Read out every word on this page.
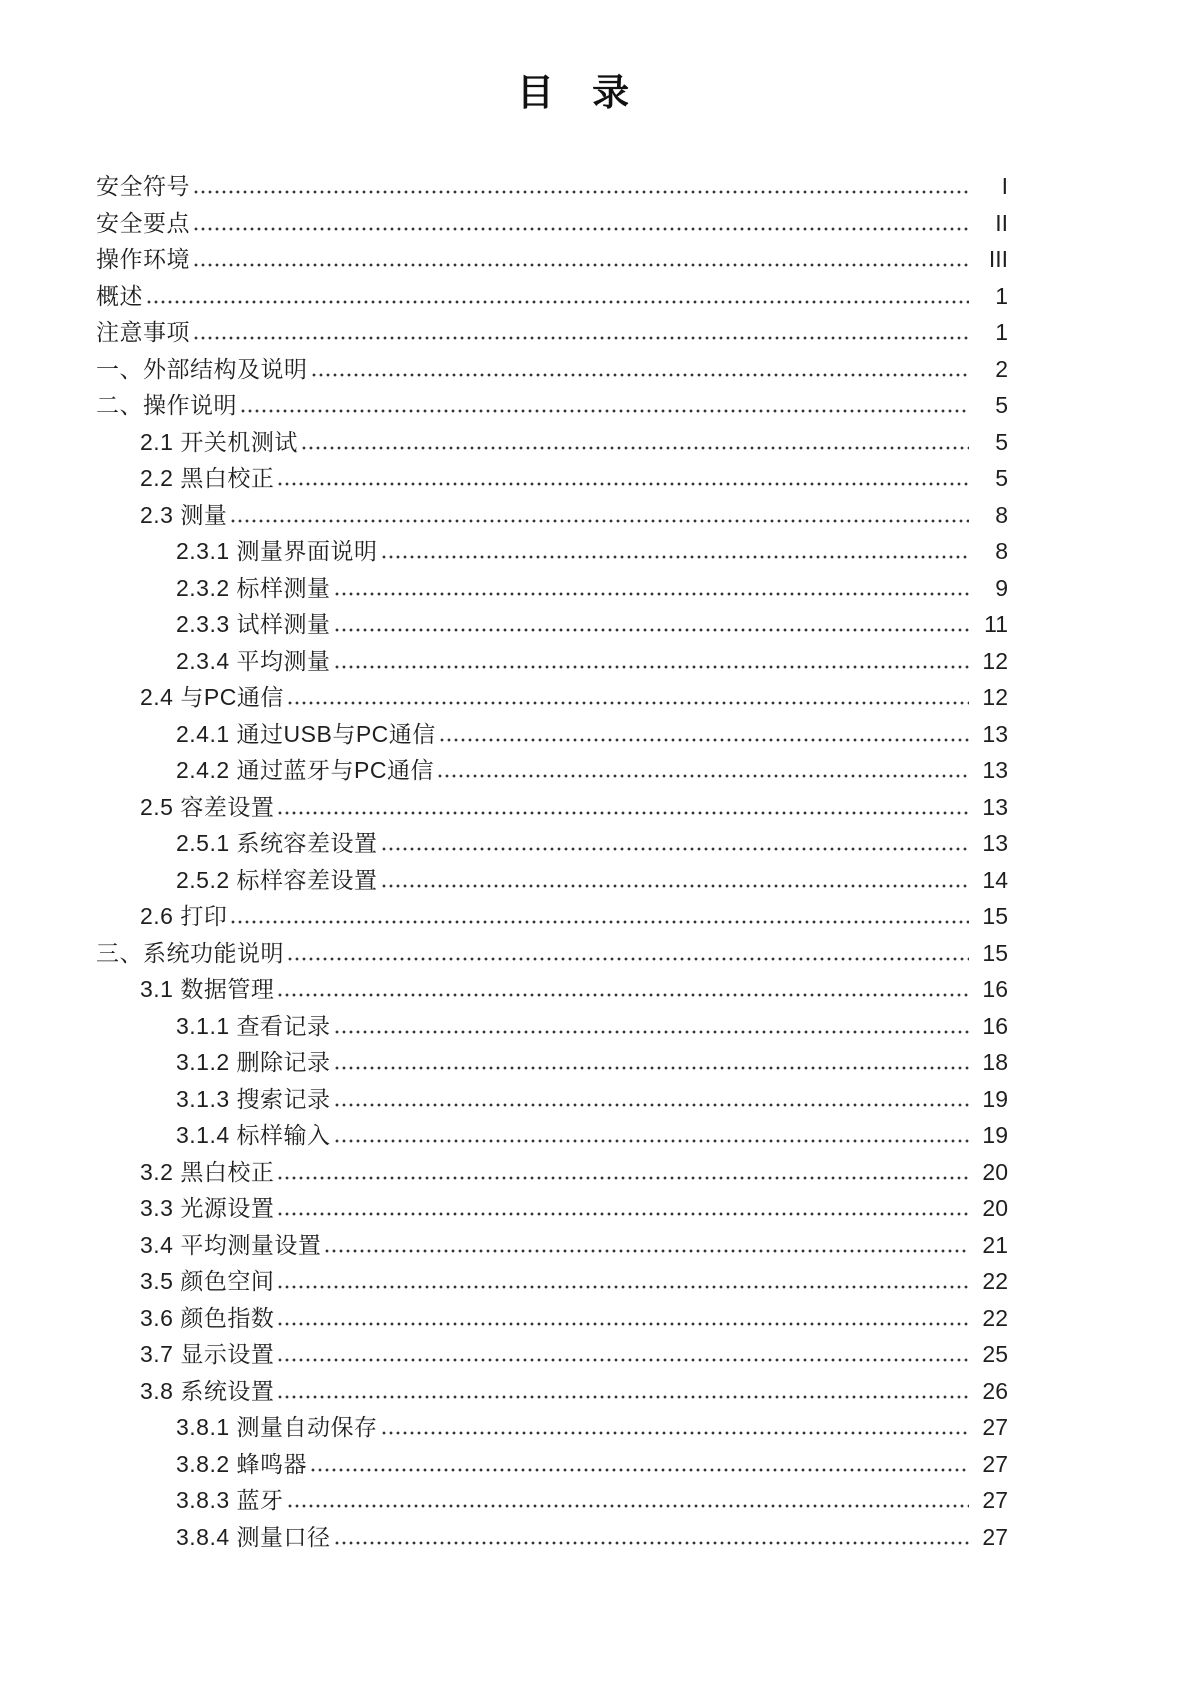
目 录
安全符号	I
安全要点	II
操作环境	III
概述	1
注意事项	1
一、外部结构及说明	2
二、操作说明	5
2.1 开关机测试	5
2.2 黑白校正	5
2.3 测量	8
2.3.1 测量界面说明	8
2.3.2 标样测量	9
2.3.3 试样测量	11
2.3.4 平均测量	12
2.4 与PC通信	12
2.4.1 通过USB与PC通信	13
2.4.2 通过蓝牙与PC通信	13
2.5 容差设置	13
2.5.1 系统容差设置	13
2.5.2 标样容差设置	14
2.6 打印	15
三、系统功能说明	15
3.1 数据管理	16
3.1.1 查看记录	16
3.1.2 删除记录	18
3.1.3 搜索记录	19
3.1.4 标样输入	19
3.2 黑白校正	20
3.3 光源设置	20
3.4 平均测量设置	21
3.5 颜色空间	22
3.6 颜色指数	22
3.7 显示设置	25
3.8 系统设置	26
3.8.1 测量自动保存	27
3.8.2 蜂鸣器	27
3.8.3 蓝牙	27
3.8.4 测量口径	27
